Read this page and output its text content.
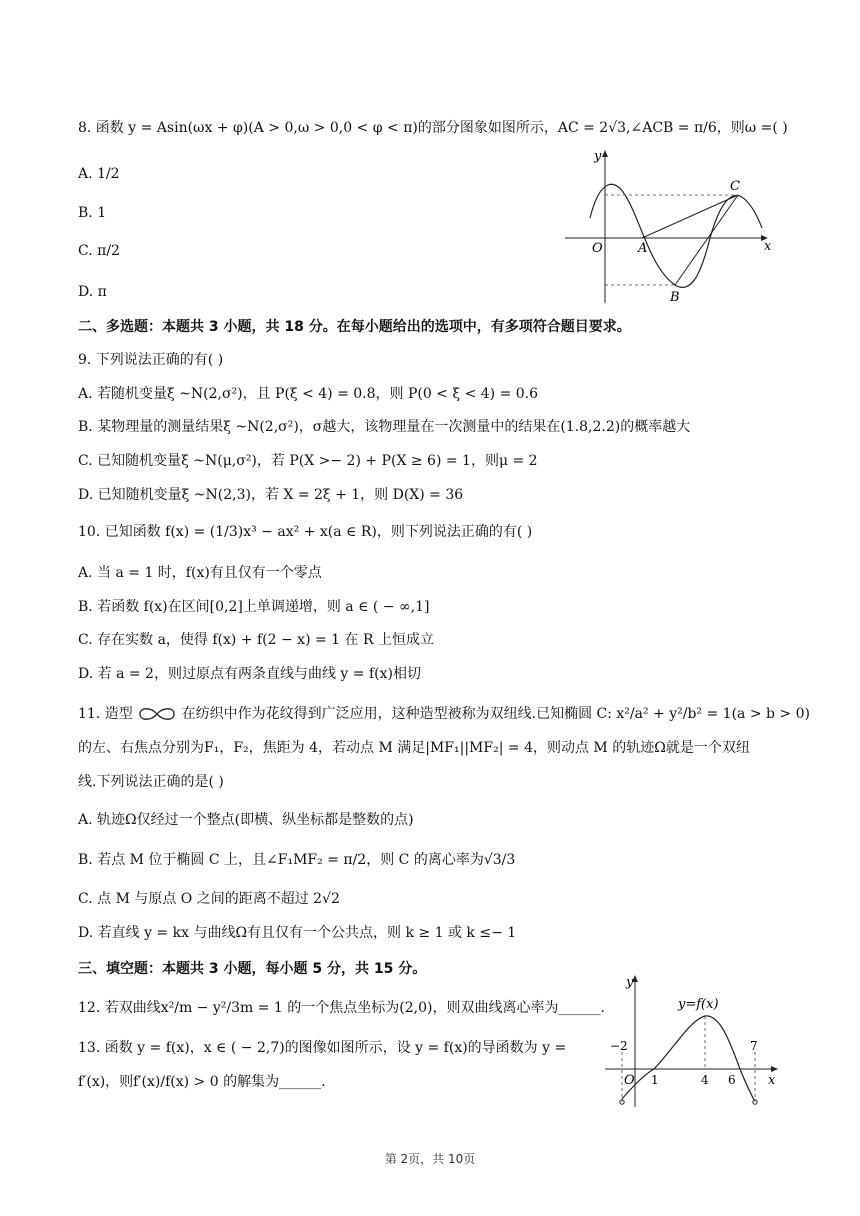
8. 函数 y = Asin(ωx + φ)(A > 0,ω > 0,0 < φ < π)的部分图象如图所示，AC = 2√3,∠ACB = π/6，则ω =( )
A. 1/2
B. 1
C. π/2
D. π
y
x
O	A
B
C
二、多选题：本题共 3 小题，共 18 分。在每小题给出的选项中，有多项符合题目要求。
9. 下列说法正确的有( )
A. 若随机变量ξ ~N(2,σ²)，且 P(ξ < 4) = 0.8，则 P(0 < ξ < 4) = 0.6
B. 某物理量的测量结果ξ ~N(2,σ²)，σ越大，该物理量在一次测量中的结果在(1.8,2.2)的概率越大
C. 已知随机变量ξ ~N(μ,σ²)，若 P(X >− 2) + P(X ≥ 6) = 1，则μ = 2
D. 已知随机变量ξ ~N(2,3)，若 X = 2ξ + 1，则 D(X) = 36
10. 已知函数 f(x) = (1/3)x³ − ax² + x(a ∈ R)，则下列说法正确的有( )
A. 当 a = 1 时，f(x)有且仅有一个零点
B. 若函数 f(x)在区间[0,2]上单调递增，则 a ∈ ( − ∞,1]
C. 存在实数 a，使得 f(x) + f(2 − x) = 1 在 R 上恒成立
D. 若 a = 2，则过原点有两条直线与曲线 y = f(x)相切
11. 造型	在纺织中作为花纹得到广泛应用，这种造型被称为双纽线.已知椭圆 C: x²/a² + y²/b² = 1(a > b > 0)
的左、右焦点分别为F₁，F₂，焦距为 4，若动点 M 满足|MF₁||MF₂| = 4，则动点 M 的轨迹Ω就是一个双纽
线.下列说法正确的是( )
A. 轨迹Ω仅经过一个整点(即横、纵坐标都是整数的点)
B. 若点 M 位于椭圆 C 上，且∠F₁MF₂ = π/2，则 C 的离心率为√3/3
C. 点 M 与原点 O 之间的距离不超过 2√2
D. 若直线 y = kx 与曲线Ω有且仅有一个公共点，则 k ≥ 1 或 k ≤− 1
三、填空题：本题共 3 小题，每小题 5 分，共 15 分。
12. 若双曲线x²/m − y²/3m = 1 的一个焦点坐标为(2,0)，则双曲线离心率为______.
13. 函数 y = f(x)，x ∈ ( − 2,7)的图像如图所示，设 y = f(x)的导函数为 y =
f′(x)，则f′(x)/f(x) > 0 的解集为______.
y
x
O
y=f(x)
−2
1	4 6
7
第 2页，共 10页
